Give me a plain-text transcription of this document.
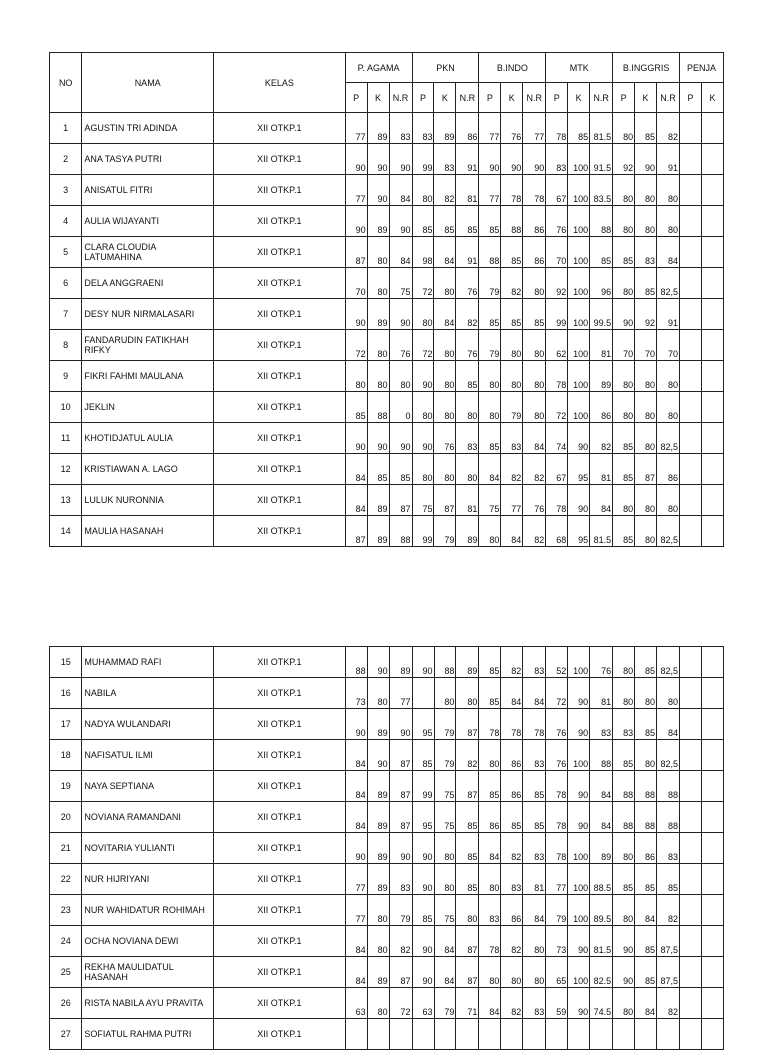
NO	NAMA	KELAS	P. AGAMA			PKN			B.INDO			MTK			B.INGGRIS			PENJA	
			P	K	N.R	P	K	N.R	P	K	N.R	P	K	N.R	P	K	N.R	P	K
1	AGUSTIN TRI ADINDA	XII OTKP.1	77	89	83	83	89	86	77	76	77	78	85	81.5	80	85	82		
2	ANA TASYA PUTRI	XII OTKP.1	90	90	90	99	83	91	90	90	90	83	100	91.5	92	90	91		
3	ANISATUL FITRI	XII OTKP.1	77	90	84	80	82	81	77	78	78	67	100	83.5	80	80	80		
4	AULIA WIJAYANTI	XII OTKP.1	90	89	90	85	85	85	85	88	86	76	100	88	80	80	80		
5	CLARA CLOUDIA LATUMAHINA	XII OTKP.1	87	80	84	98	84	91	88	85	86	70	100	85	85	83	84		
6	DELA ANGGRAENI	XII OTKP.1	70	80	75	72	80	76	79	82	80	92	100	96	80	85	82,5		
7	DESY NUR NIRMALASARI	XII OTKP.1	90	89	90	80	84	82	85	85	85	99	100	99.5	90	92	91		
8	FANDARUDIN FATIKHAH RIFKY	XII OTKP.1	72	80	76	72	80	76	79	80	80	62	100	81	70	70	70		
9	FIKRI FAHMI MAULANA	XII OTKP.1	80	80	80	90	80	85	80	80	80	78	100	89	80	80	80		
10	JEKLIN	XII OTKP.1	85	88	0	80	80	80	80	79	80	72	100	86	80	80	80		
11	KHOTIDJATUL AULIA	XII OTKP.1	90	90	90	90	76	83	85	83	84	74	90	82	85	80	82,5		
12	KRISTIAWAN A. LAGO	XII OTKP.1	84	85	85	80	80	80	84	82	82	67	95	81	85	87	86		
13	LULUK NURONNIA	XII OTKP.1	84	89	87	75	87	81	75	77	76	78	90	84	80	80	80		
14	MAULIA HASANAH	XII OTKP.1	87	89	88	99	79	89	80	84	82	68	95	81.5	85	80	82,5		
15	MUHAMMAD RAFI	XII OTKP.1	88	90	89	90	88	89	85	82	83	52	100	76	80	85	82,5		
16	NABILA	XII OTKP.1	73	80	77		80	80	85	84	84	72	90	81	80	80	80		
17	NADYA WULANDARI	XII OTKP.1	90	89	90	95	79	87	78	78	78	76	90	83	83	85	84		
18	NAFISATUL ILMI	XII OTKP.1	84	90	87	85	79	82	80	86	83	76	100	88	85	80	82,5		
19	NAYA SEPTIANA	XII OTKP.1	84	89	87	99	75	87	85	86	85	78	90	84	88	88	88		
20	NOVIANA RAMANDANI	XII OTKP.1	84	89	87	95	75	85	86	85	85	78	90	84	88	88	88		
21	NOVITARIA YULIANTI	XII OTKP.1	90	89	90	90	80	85	84	82	83	78	100	89	80	86	83		
22	NUR HIJRIYANI	XII OTKP.1	77	89	83	90	80	85	80	83	81	77	100	88.5	85	85	85		
23	NUR WAHIDATUR ROHIMAH	XII OTKP.1	77	80	79	85	75	80	83	86	84	79	100	89.5	80	84	82		
24	OCHA NOVIANA DEWI	XII OTKP.1	84	80	82	90	84	87	78	82	80	73	90	81.5	90	85	87,5		
25	REKHA MAULIDATUL HASANAH	XII OTKP.1	84	89	87	90	84	87	80	80	80	65	100	82.5	90	85	87,5		
26	RISTA NABILA AYU PRAVITA	XII OTKP.1	63	80	72	63	79	71	84	82	83	59	90	74.5	80	84	82		
27	SOFIATUL RAHMA PUTRI	XII OTKP.1																	
